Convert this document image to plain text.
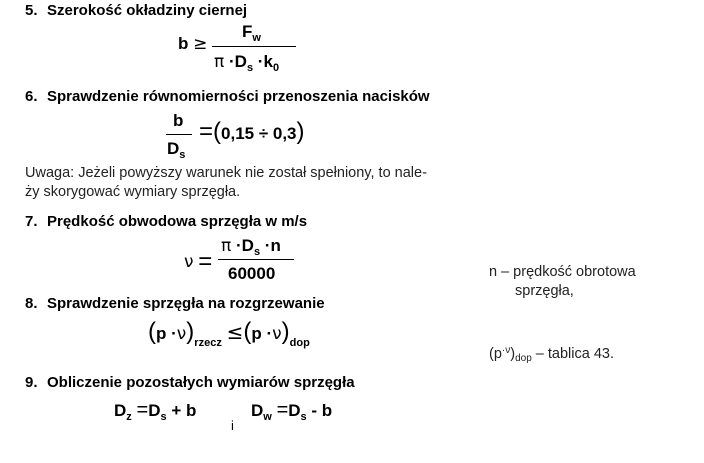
5. Szerokość okładziny ciernej
b ≥
$F_w$
$\pi \cdot D_s \cdot k_0$
6. Sprawdzenie równomierności przenoszenia nacisków
b
$D_s$
=(0,15 ÷ 0,3)
Uwaga: Jeżeli powyższy warunek nie został spełniony, to nale-
ży skorygować wymiary sprzęgła.
7. Prędkość obwodowa sprzęgła w m/s
ν =
$\pi \cdot D_s \cdot n$
60000	n – prędkość obrotowa
sprzęgła,
8. Sprawdzenie sprzęgła na rozgrzewanie
$(p \cdot\nu)_{rzecz} \le(p \cdot\nu)_{dop}$
$(p^{\cdot\nu})_{dop}$ – tablica 43.
9. Obliczenie pozostałych wymiarów sprzęgła
$D_z =D_s + b$
i
$D_w =D_s - b$
